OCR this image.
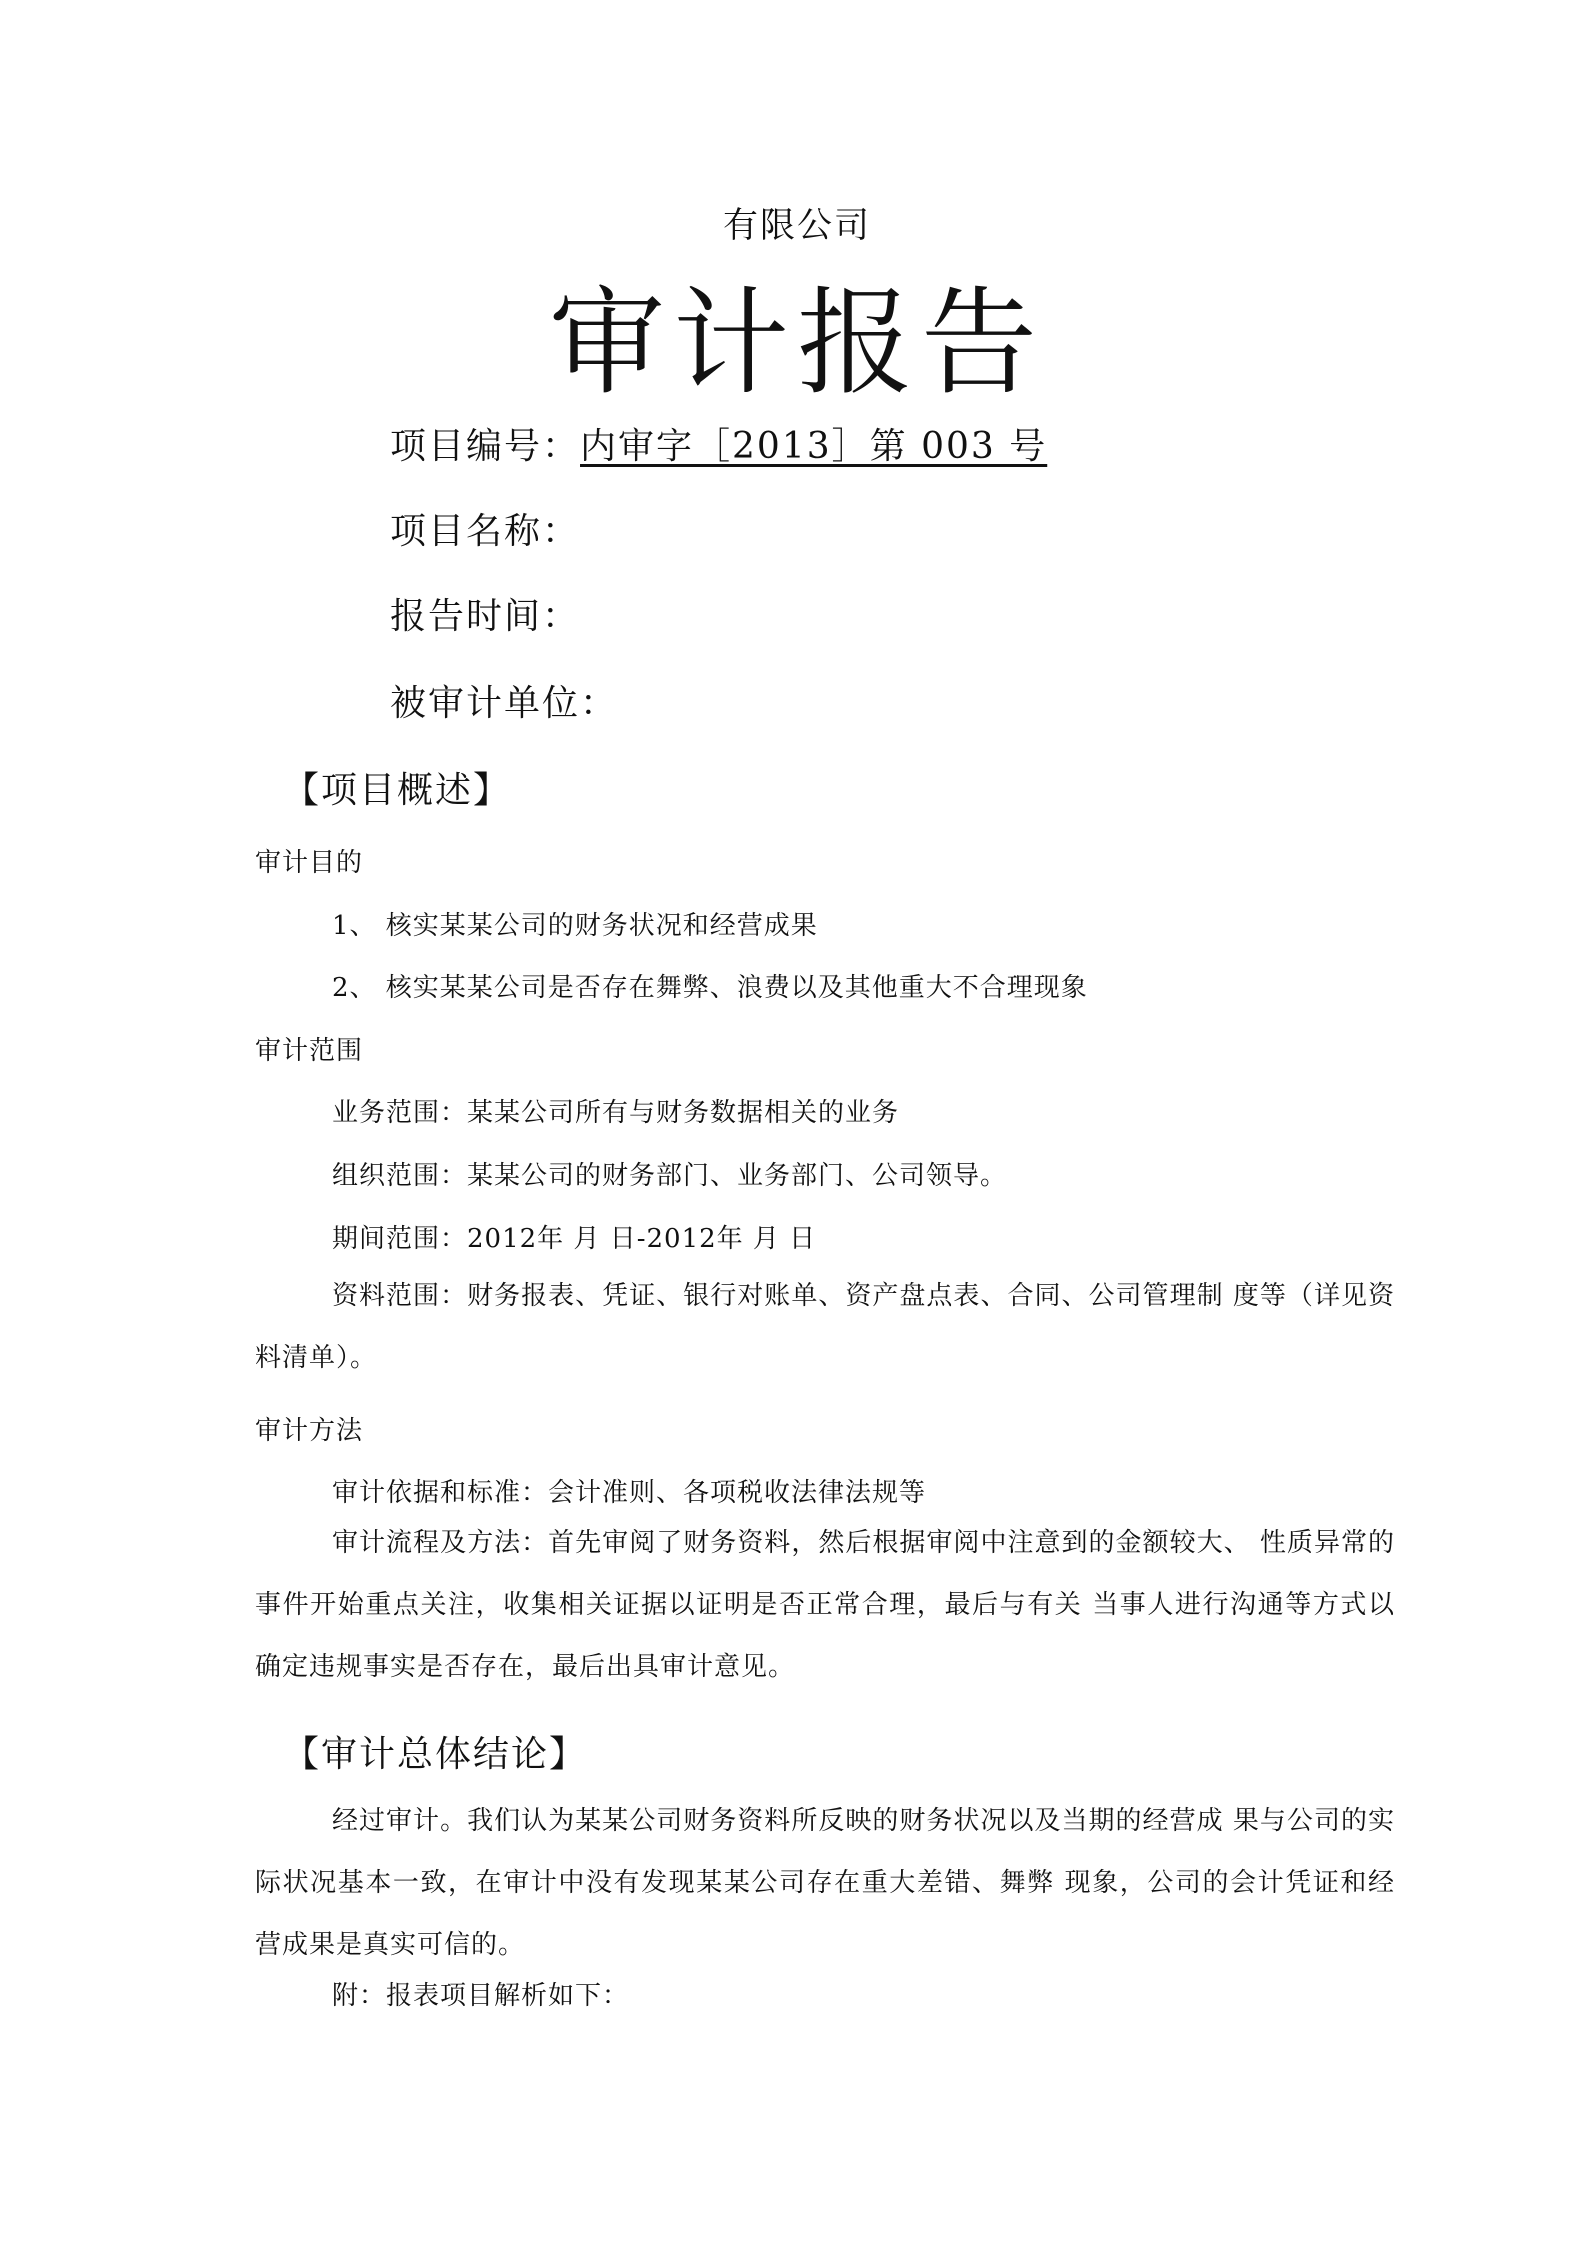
有限公司
审计报告
项目编号：内审字［2013］第 003 号
项目名称：
报告时间：
被审计单位：
【项目概述】
审计目的
1、 核实某某公司的财务状况和经营成果
2、 核实某某公司是否存在舞弊、浪费以及其他重大不合理现象
审计范围
业务范围：某某公司所有与财务数据相关的业务
组织范围：某某公司的财务部门、业务部门、公司领导。
期间范围：2012年 月 日-2012年 月 日
资料范围：财务报表、凭证、银行对账单、资产盘点表、合同、公司管理制 度等（详见资料清单）。
审计方法
审计依据和标准：会计准则、各项税收法律法规等
审计流程及方法：首先审阅了财务资料，然后根据审阅中注意到的金额较大、 性质异常的事件开始重点关注，收集相关证据以证明是否正常合理，最后与有关 当事人进行沟通等方式以确定违规事实是否存在，最后出具审计意见。
【审计总体结论】
经过审计。我们认为某某公司财务资料所反映的财务状况以及当期的经营成 果与公司的实际状况基本一致，在审计中没有发现某某公司存在重大差错、舞弊 现象，公司的会计凭证和经营成果是真实可信的。
附：报表项目解析如下：
